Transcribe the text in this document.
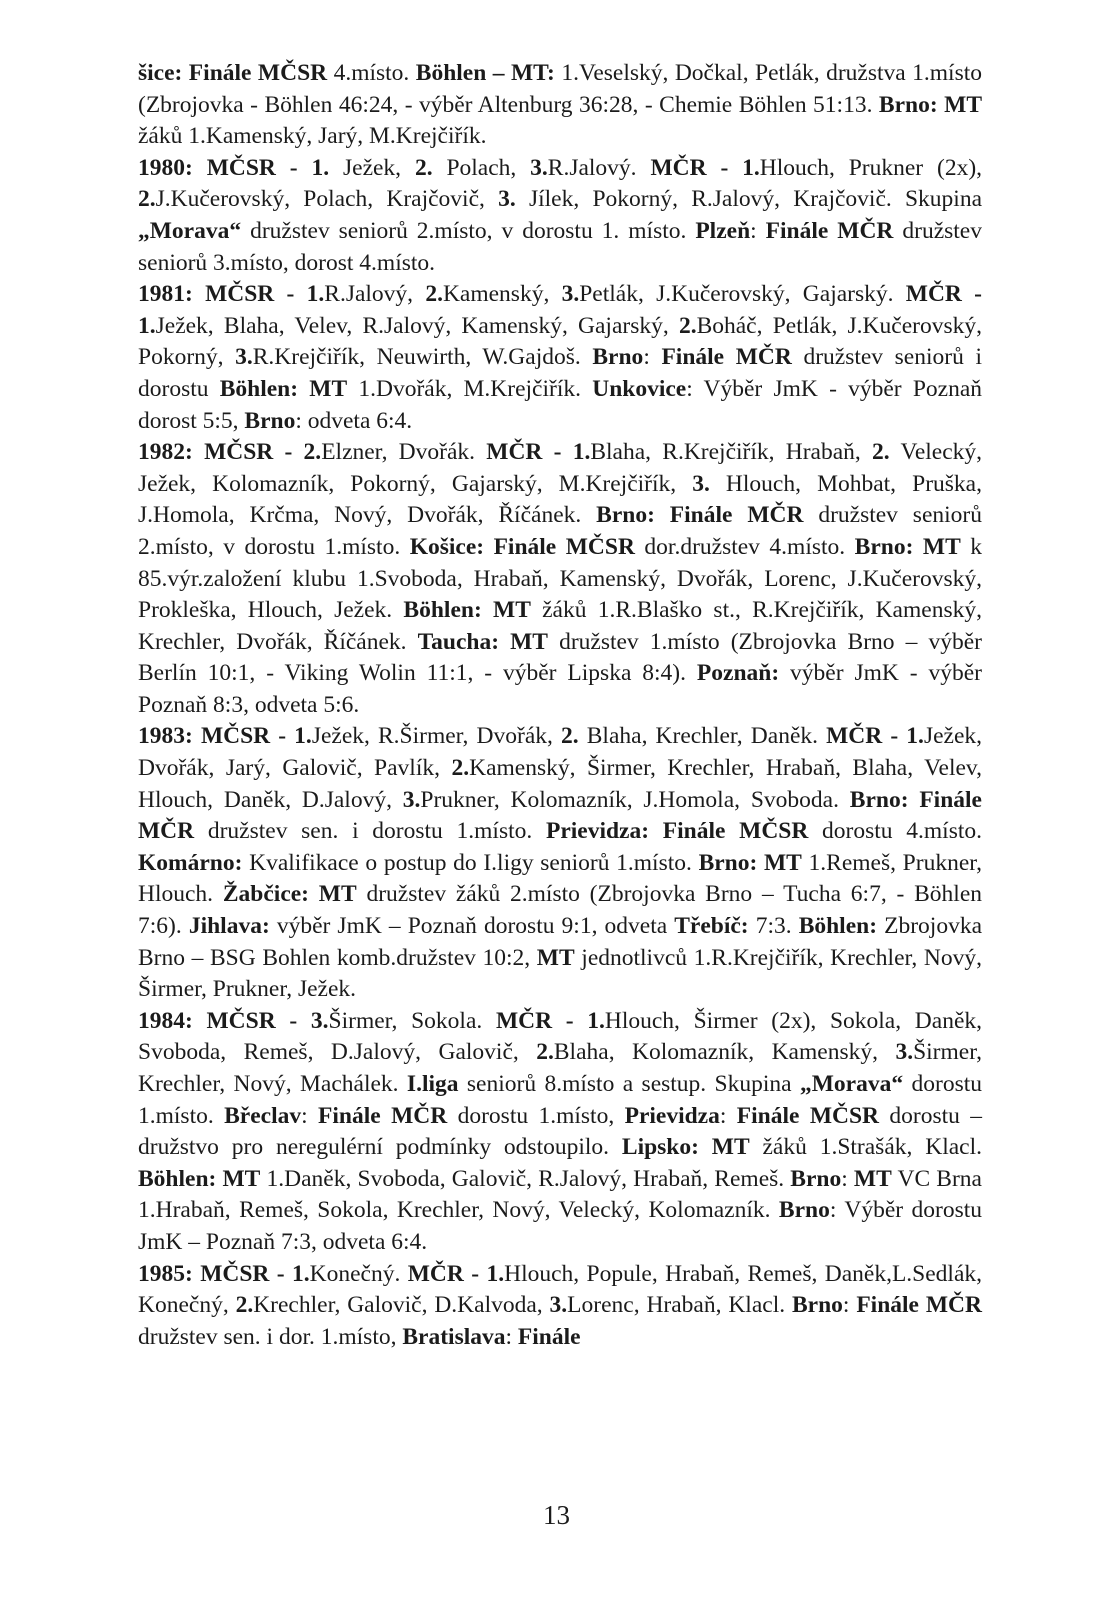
šice: Finále MČSR 4.místo. Böhlen – MT: 1.Veselský, Dočkal, Petlák, družstva 1.místo (Zbrojovka - Böhlen 46:24, - výběr Altenburg 36:28, - Chemie Böhlen 51:13. Brno: MT žáků 1.Kamenský, Jarý, M.Krejčiřík.

1980: MČSR - 1. Ježek, 2. Polach, 3.R.Jalový. MČR - 1.Hlouch, Prukner (2x), 2.J.Kučerovský, Polach, Krajčovič, 3. Jílek, Pokorný, R.Jalový, Krajčovič. Skupina „Morava“ družstev seniorů 2.místo, v dorostu 1. místo. Plzeň: Finále MČR družstev seniorů 3.místo, dorost 4.místo.

1981: MČSR - 1.R.Jalový, 2.Kamenský, 3.Petlák, J.Kučerovský, Gajarský. MČR - 1.Ježek, Blaha, Velev, R.Jalový, Kamenský, Gajarský, 2.Boháč, Petlák, J.Kučerovský, Pokorný, 3.R.Krejčiřík, Neuwirth, W.Gajdoš. Brno: Finále MČR družstev seniorů i dorostu Böhlen: MT 1.Dvořák, M.Krejčiřík. Unkovice: Výběr JmK - výběr Poznaň dorost 5:5, Brno: odveta 6:4.

1982: MČSR - 2.Elzner, Dvořák. MČR - 1.Blaha, R.Krejčiřík, Hrabaň, 2. Velecký, Ježek, Kolomazník, Pokorný, Gajarský, M.Krejčiřík, 3. Hlouch, Mohbat, Pruška, J.Homola, Krčma, Nový, Dvořák, Říčánek. Brno: Finále MČR družstev seniorů 2.místo, v dorostu 1.místo. Košice: Finále MČSR dor.družstev 4.místo. Brno: MT k 85.výr.založení klubu 1.Svoboda, Hrabaň, Kamenský, Dvořák, Lorenc, J.Kučerovský, Prokleška, Hlouch, Ježek. Böhlen: MT žáků 1.R.Blaško st., R.Krejčiřík, Kamenský, Krechler, Dvořák, Říčánek. Taucha: MT družstev 1.místo (Zbrojovka Brno – výběr Berlín 10:1, - Viking Wolin 11:1, - výběr Lipska 8:4). Poznaň: výběr JmK - výběr Poznaň 8:3, odveta 5:6.

1983: MČSR - 1.Ježek, R.Širmer, Dvořák, 2. Blaha, Krechler, Daněk. MČR - 1.Ježek, Dvořák, Jarý, Galovič, Pavlík, 2.Kamenský, Širmer, Krechler, Hrabaň, Blaha, Velev, Hlouch, Daněk, D.Jalový, 3.Prukner, Kolomazník, J.Homola, Svoboda. Brno: Finále MČR družstev sen. i dorostu 1.místo. Prievidza: Finále MČSR dorostu 4.místo. Komárno: Kvalifikace o postup do I.ligy seniorů 1.místo. Brno: MT 1.Remeš, Prukner, Hlouch. Žabčice: MT družstev žáků 2.místo (Zbrojovka Brno – Tucha 6:7, - Böhlen 7:6). Jihlava: výběr JmK – Poznaň dorostu 9:1, odveta Třebíč: 7:3. Böhlen: Zbrojovka Brno – BSG Bohlen komb.družstev 10:2, MT jednotlivců 1.R.Krejčiřík, Krechler, Nový, Širmer, Prukner, Ježek.

1984: MČSR - 3.Širmer, Sokola. MČR - 1.Hlouch, Širmer (2x), Sokola, Daněk, Svoboda, Remeš, D.Jalový, Galovič, 2.Blaha, Kolomazník, Kamenský, 3.Širmer, Krechler, Nový, Machálek. I.liga seniorů 8.místo a sestup. Skupina „Morava“ dorostu 1.místo. Břeclav: Finále MČR dorostu 1.místo, Prievidza: Finále MČSR dorostu – družstvo pro neregulérní podmínky odstoupilo. Lipsko: MT žáků 1.Strašák, Klacl. Böhlen: MT 1.Daněk, Svoboda, Galovič, R.Jalový, Hrabaň, Remeš. Brno: MT VC Brna 1.Hrabaň, Remeš, Sokola, Krechler, Nový, Velecký, Kolomazník. Brno: Výběr dorostu JmK – Poznaň 7:3, odveta 6:4.

1985: MČSR - 1.Konečný. MČR - 1.Hlouch, Popule, Hrabaň, Remeš, Daněk,L.Sedlák, Konečný, 2.Krechler, Galovič, D.Kalvoda, 3.Lorenc, Hrabaň, Klacl. Brno: Finále MČR družstev sen. i dor. 1.místo, Bratislava: Finále

13
